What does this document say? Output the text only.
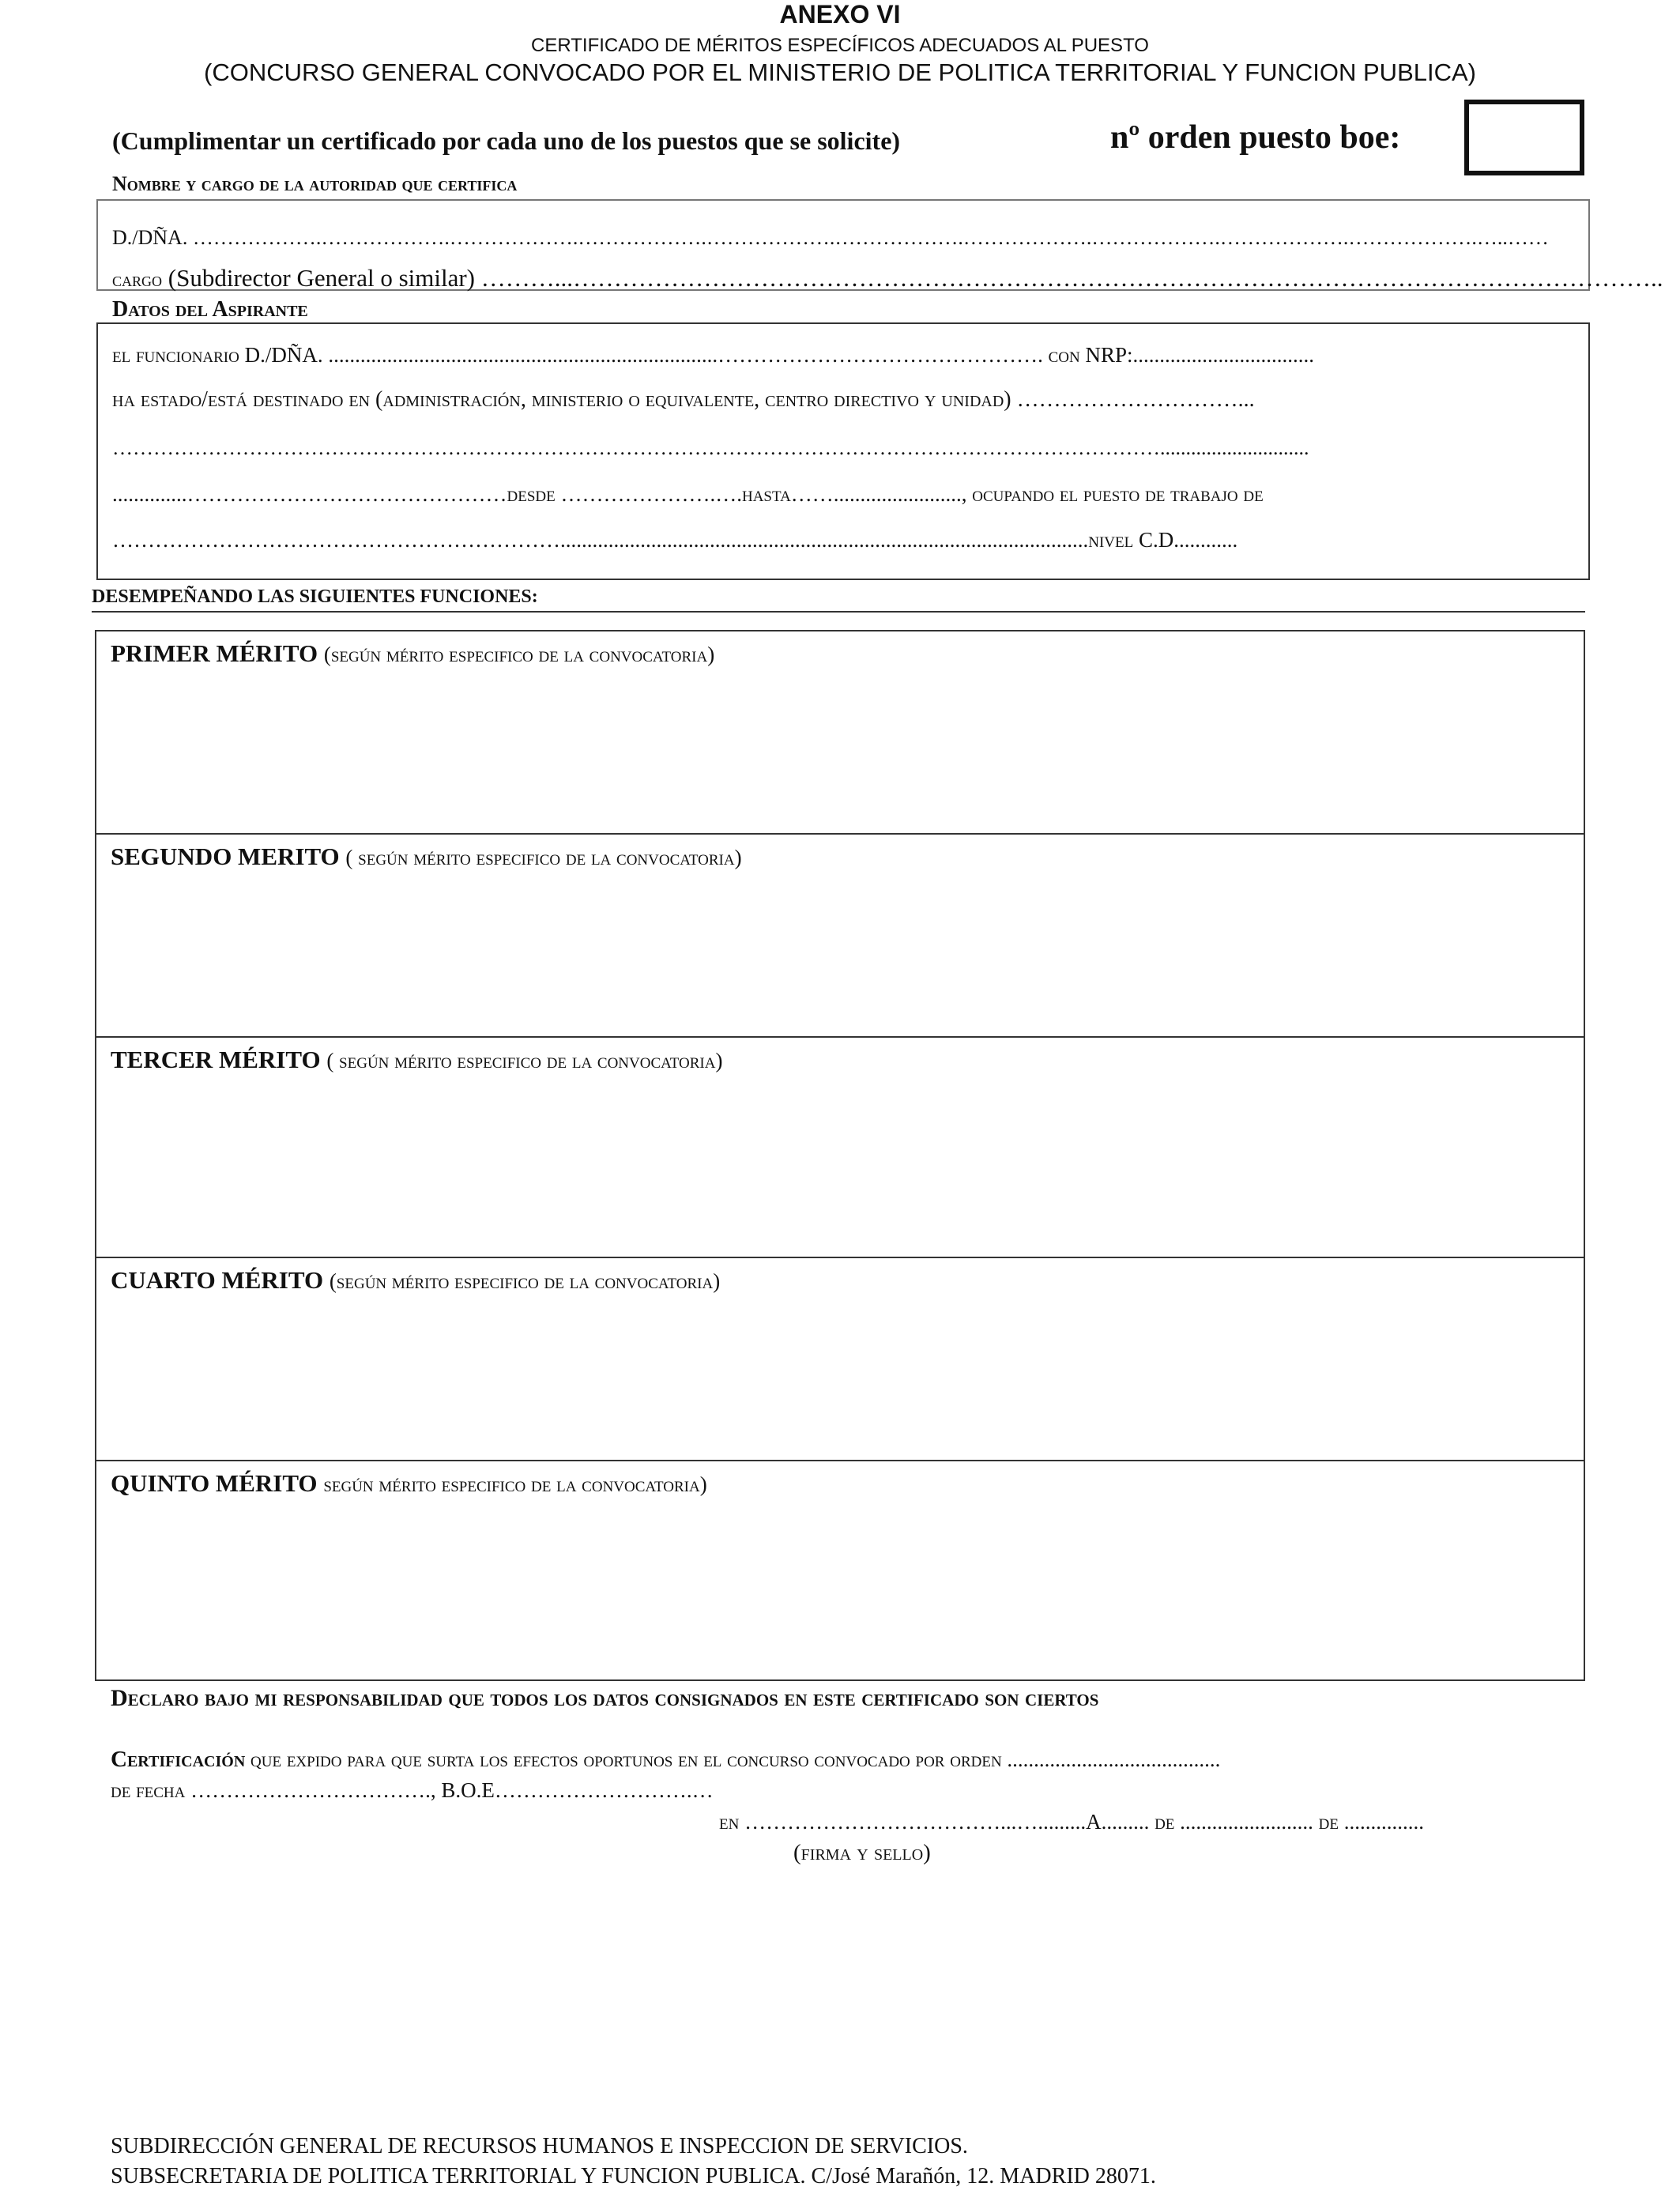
ANEXO VI
CERTIFICADO DE MÉRITOS ESPECÍFICOS ADECUADOS AL PUESTO
(CONCURSO GENERAL CONVOCADO POR EL MINISTERIO DE POLITICA TERRITORIAL Y FUNCION PUBLICA)
(Cumplimentar un certificado por cada uno de los puestos que se solicite)	nº orden puesto boe:
Nombre y cargo de la autoridad que certifica
D./DÑA. ……………….……………….……………….……………….……………….……………….……………….……………….……………….……………….…..……
cargo (Subdirector General o similar) ………...……………………………………………………………………………………………………………………..
Datos del Aspirante
el funcionario D./DÑA. .........................................................................………………………………………. con NRP:..................................
ha estado/está destinado en (administración, ministerio o equivalente, centro directivo y unidad) …………………………...
……………………………………………………………………………………………………………………………………….............................
..............………………………………………desde ………………….….hasta……........................, ocupando el puesto de trabajo de
………………………………………………………...................................................................................................nivel C.D............
DESEMPEÑANDO LAS SIGUIENTES FUNCIONES:
PRIMER MÉRITO (según mérito especifico de la convocatoria)
SEGUNDO MERITO ( según mérito especifico de la convocatoria)
TERCER MÉRITO ( según mérito especifico de la convocatoria)
CUARTO MÉRITO (según mérito especifico de la convocatoria)
QUINTO MÉRITO según mérito especifico de la convocatoria)
Declaro bajo mi responsabilidad que todos los datos consignados en este certificado son ciertos
Certificación que expido para que surta los efectos oportunos en el concurso convocado por orden ........................................
de fecha ……………………………., B.O.E……………………….…
en ………………………………...….........A......... de ......................... de ...............
(firma y sello)
SUBDIRECCIÓN GENERAL DE RECURSOS HUMANOS E INSPECCION DE SERVICIOS.
SUBSECRETARIA DE POLITICA TERRITORIAL Y FUNCION PUBLICA. C/José Marañón, 12. MADRID 28071.
